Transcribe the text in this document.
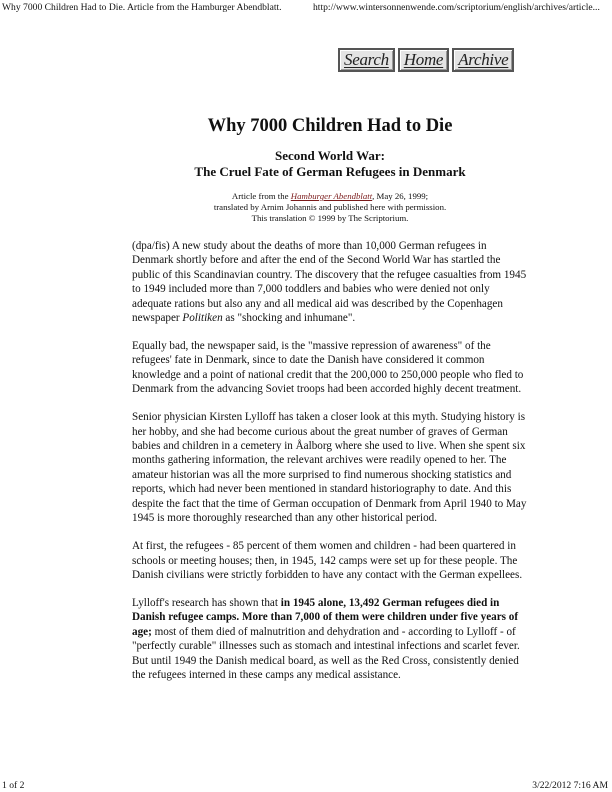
Why 7000 Children Had to Die. Article from the Hamburger Abendblatt.	http://www.wintersonnenwende.com/scriptorium/english/archives/article...
Search Home Archive
Why 7000 Children Had to Die
Second World War:
The Cruel Fate of German Refugees in Denmark
Article from the Hamburger Abendblatt, May 26, 1999;
translated by Arnim Johannis and published here with permission.
This translation © 1999 by The Scriptorium.

(dpa/fis) A new study about the deaths of more than 10,000 German refugees in Denmark shortly before and after the end of the Second World War has startled the public of this Scandinavian country. The discovery that the refugee casualties from 1945 to 1949 included more than 7,000 toddlers and babies who were denied not only adequate rations but also any and all medical aid was described by the Copenhagen newspaper Politiken as "shocking and inhumane".

Equally bad, the newspaper said, is the "massive repression of awareness" of the refugees' fate in Denmark, since to date the Danish have considered it common knowledge and a point of national credit that the 200,000 to 250,000 people who fled to Denmark from the advancing Soviet troops had been accorded highly decent treatment.

Senior physician Kirsten Lylloff has taken a closer look at this myth. Studying history is her hobby, and she had become curious about the great number of graves of German babies and children in a cemetery in Åalborg where she used to live. When she spent six months gathering information, the relevant archives were readily opened to her. The amateur historian was all the more surprised to find numerous shocking statistics and reports, which had never been mentioned in standard historiography to date. And this despite the fact that the time of German occupation of Denmark from April 1940 to May 1945 is more thoroughly researched than any other historical period.

At first, the refugees - 85 percent of them women and children - had been quartered in schools or meeting houses; then, in 1945, 142 camps were set up for these people. The Danish civilians were strictly forbidden to have any contact with the German expellees.

Lylloff's research has shown that in 1945 alone, 13,492 German refugees died in Danish refugee camps. More than 7,000 of them were children under five years of age; most of them died of malnutrition and dehydration and - according to Lylloff - of "perfectly curable" illnesses such as stomach and intestinal infections and scarlet fever. But until 1949 the Danish medical board, as well as the Red Cross, consistently denied the refugees interned in these camps any medical assistance.

1 of 2	3/22/2012 7:16 AM
